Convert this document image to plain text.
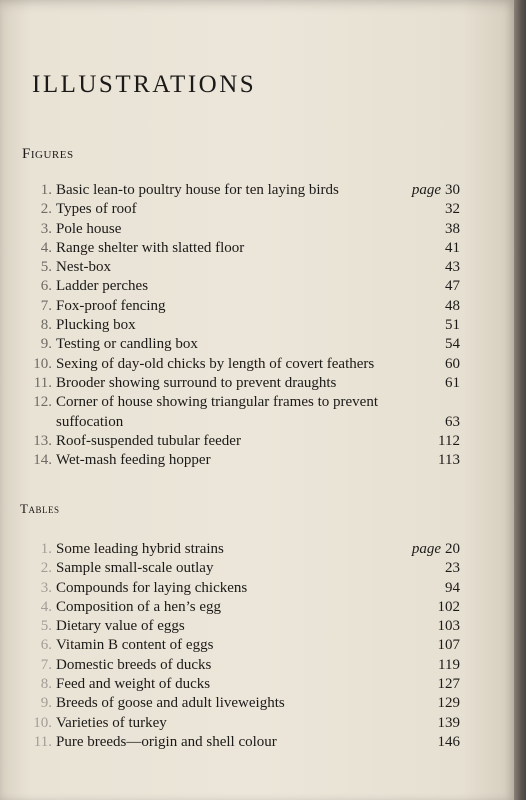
ILLUSTRATIONS
Figures
1. Basic lean-to poultry house for ten laying birds	page 30
2. Types of roof	32
3. Pole house	38
4. Range shelter with slatted floor	41
5. Nest-box	43
6. Ladder perches	47
7. Fox-proof fencing	48
8. Plucking box	51
9. Testing or candling box	54
10. Sexing of day-old chicks by length of covert feathers	60
11. Brooder showing surround to prevent draughts	61
12. Corner of house showing triangular frames to prevent suffocation	63
13. Roof-suspended tubular feeder	112
14. Wet-mash feeding hopper	113
Tables
1. Some leading hybrid strains	page 20
2. Sample small-scale outlay	23
3. Compounds for laying chickens	94
4. Composition of a hen’s egg	102
5. Dietary value of eggs	103
6. Vitamin B content of eggs	107
7. Domestic breeds of ducks	119
8. Feed and weight of ducks	127
9. Breeds of goose and adult liveweights	129
10. Varieties of turkey	139
11. Pure breeds—origin and shell colour	146
